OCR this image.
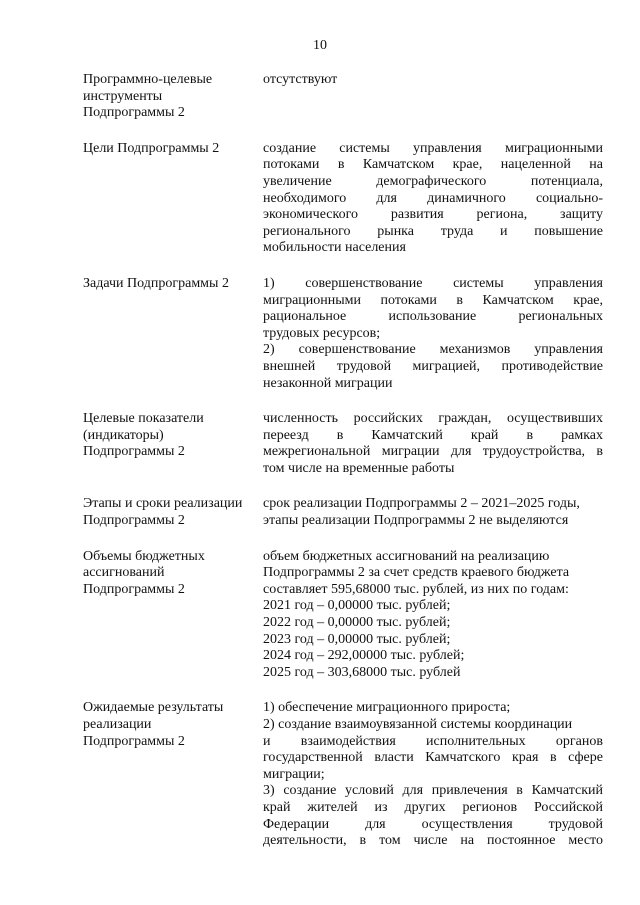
10
Программно-целевые
инструменты
Подпрограммы 2
отсутствуют
Цели Подпрограммы 2	создание системы управления миграционными
потоками в Камчатском крае, нацеленной на
увеличение демографического потенциала,
необходимого для динамичного социально-
экономического развития региона, защиту
регионального рынка труда и повышение
мобильности населения
Задачи Подпрограммы 2	1) совершенствование системы управления
миграционными потоками в Камчатском крае,
рациональное использование региональных
трудовых ресурсов;
2) совершенствование механизмов управления
внешней трудовой миграцией, противодействие
незаконной миграции
Целевые показатели
(индикаторы)
Подпрограммы 2
численность российских граждан, осуществивших
переезд в Камчатский край в рамках
межрегиональной миграции для трудоустройства, в
том числе на временные работы
Этапы и сроки реализации
Подпрограммы 2
срок реализации Подпрограммы 2 – 2021–2025 годы,
этапы реализации Подпрограммы 2 не выделяются
Объемы бюджетных
ассигнований
Подпрограммы 2
объем бюджетных ассигнований на реализацию
Подпрограммы 2 за счет средств краевого бюджета
составляет 595,68000 тыс. рублей, из них по годам:
2021 год – 0,00000 тыс. рублей;
2022 год – 0,00000 тыс. рублей;
2023 год – 0,00000 тыс. рублей;
2024 год – 292,00000 тыс. рублей;
2025 год – 303,68000 тыс. рублей
Ожидаемые результаты
реализации
Подпрограммы 2
1) обеспечение миграционного прироста;
2) создание взаимоувязанной системы координации
и взаимодействия исполнительных органов
государственной власти Камчатского края в сфере
миграции;
3) создание условий для привлечения в Камчатский
край жителей из других регионов Российской
Федерации для осуществления трудовой
деятельности, в том числе на постоянное место
